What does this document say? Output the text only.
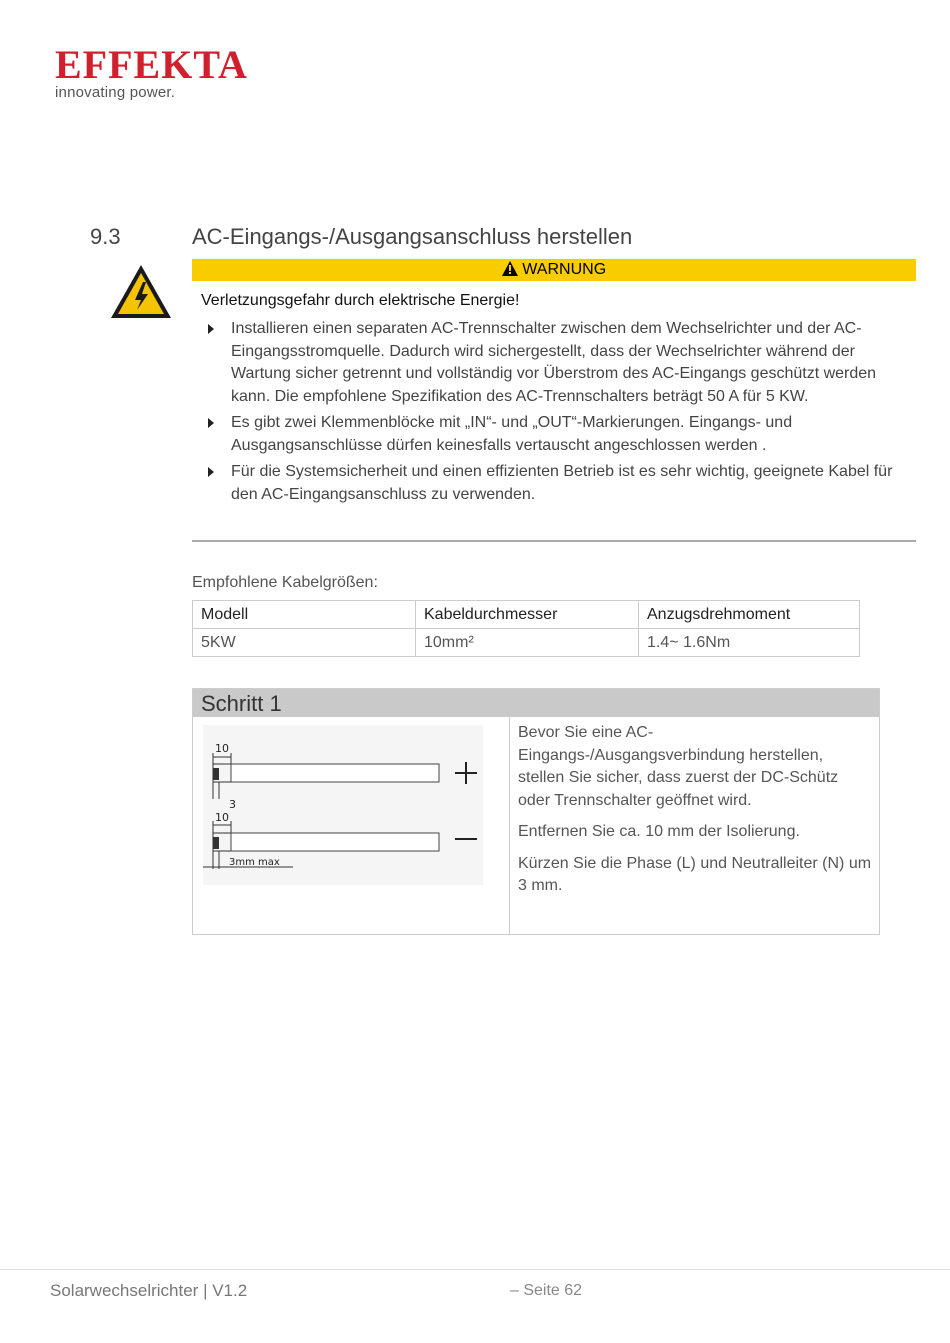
EFFEKTA
innovating power.
9.3	AC-Eingangs-/Ausgangsanschluss herstellen
WARNUNG
Verletzungsgefahr durch elektrische Energie!
Installieren einen separaten AC-Trennschalter zwischen dem Wechselrichter und der AC-Eingangsstromquelle. Dadurch wird sichergestellt, dass der Wechselrichter während der Wartung sicher getrennt und vollständig vor Überstrom des AC-Eingangs geschützt werden kann. Die empfohlene Spezifikation des AC-Trennschalters beträgt 50 A für 5 KW.
Es gibt zwei Klemmenblöcke mit „IN“- und „OUT“-Markierungen. Eingangs- und Ausgangsanschlüsse dürfen keinesfalls vertauscht angeschlossen werden .
Für die Systemsicherheit und einen effizienten Betrieb ist es sehr wichtig, geeignete Kabel für den AC-Eingangsanschluss zu verwenden.
Empfohlene Kabelgrößen:
Modell	Kabeldurchmesser	Anzugsdrehmoment
5KW	10mm²	1.4~ 1.6Nm
Schritt 1
10
3
10
3mm max

Bevor Sie eine AC-Eingangs-/Ausgangsverbindung herstellen, stellen Sie sicher, dass zuerst der DC-Schütz oder Trennschalter geöffnet wird.

Entfernen Sie ca. 10 mm der Isolierung.

Kürzen Sie die Phase (L) und Neutralleiter (N) um 3 mm.

Solarwechselrichter | V1.2	– Seite 62
